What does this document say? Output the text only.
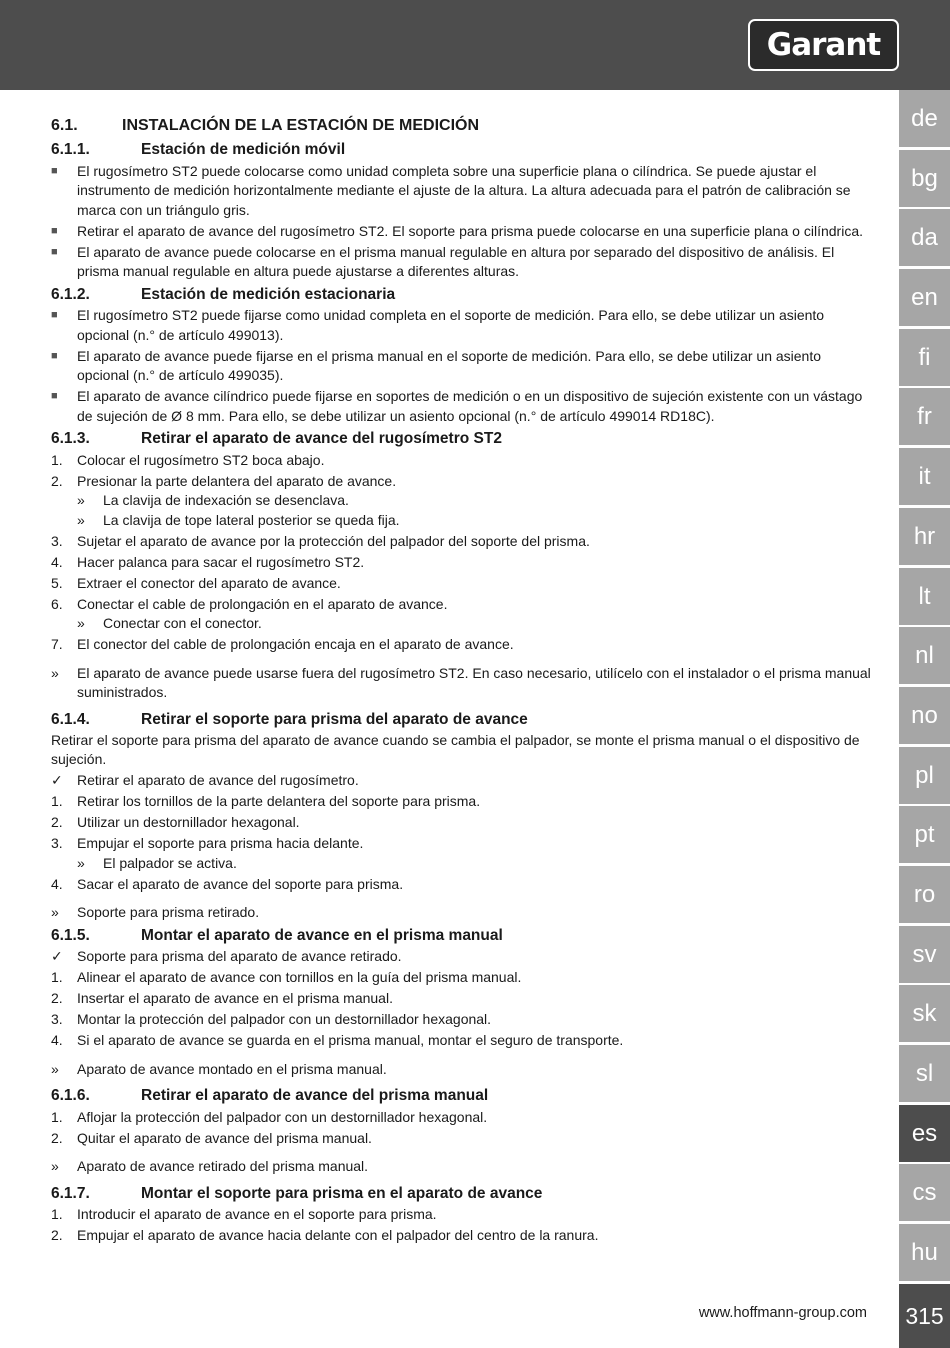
Garant
de
bg
da
en
fi
fr
it
hr
lt
nl
no
pl
pt
ro
sv
sk
sl
es
cs
hu
6.1.	INSTALACIÓN DE LA ESTACIÓN DE MEDICIÓN
6.1.1.	Estación de medición móvil
■	El rugosímetro ST2 puede colocarse como unidad completa sobre una superficie plana o cilíndrica. Se puede ajustar el instrumento de medición horizontalmente mediante el ajuste de la altura. La altura adecuada para el patrón de calibración se marca con un triángulo gris.
■	Retirar el aparato de avance del rugosímetro ST2. El soporte para prisma puede colocarse en una superficie plana o cilíndrica.
■	El aparato de avance puede colocarse en el prisma manual regulable en altura por separado del dispositivo de análisis. El prisma manual regulable en altura puede ajustarse a diferentes alturas.
6.1.2.	Estación de medición estacionaria
■	El rugosímetro ST2 puede fijarse como unidad completa en el soporte de medición. Para ello, se debe utilizar un asiento opcional (n.° de artículo 499013).
■	El aparato de avance puede fijarse en el prisma manual en el soporte de medición. Para ello, se debe utilizar un asiento opcional (n.° de artículo 499035).
■	El aparato de avance cilíndrico puede fijarse en soportes de medición o en un dispositivo de sujeción existente con un vástago de sujeción de Ø 8 mm. Para ello, se debe utilizar un asiento opcional (n.° de artículo 499014 RD18C).
6.1.3.	Retirar el aparato de avance del rugosímetro ST2
1.	Colocar el rugosímetro ST2 boca abajo.
2.	Presionar la parte delantera del aparato de avance.
»	La clavija de indexación se desenclava.
»	La clavija de tope lateral posterior se queda fija.
3.	Sujetar el aparato de avance por la protección del palpador del soporte del prisma.
4.	Hacer palanca para sacar el rugosímetro ST2.
5.	Extraer el conector del aparato de avance.
6.	Conectar el cable de prolongación en el aparato de avance.
»	Conectar con el conector.
7.	El conector del cable de prolongación encaja en el aparato de avance.
»	El aparato de avance puede usarse fuera del rugosímetro ST2. En caso necesario, utilícelo con el instalador o el prisma manual suministrados.
6.1.4.	Retirar el soporte para prisma del aparato de avance
Retirar el soporte para prisma del aparato de avance cuando se cambia el palpador, se monte el prisma manual o el dispositivo de sujeción.
✓	Retirar el aparato de avance del rugosímetro.
1.	Retirar los tornillos de la parte delantera del soporte para prisma.
2.	Utilizar un destornillador hexagonal.
3.	Empujar el soporte para prisma hacia delante.
»	El palpador se activa.
4.	Sacar el aparato de avance del soporte para prisma.
»	Soporte para prisma retirado.
6.1.5.	Montar el aparato de avance en el prisma manual
✓	Soporte para prisma del aparato de avance retirado.
1.	Alinear el aparato de avance con tornillos en la guía del prisma manual.
2.	Insertar el aparato de avance en el prisma manual.
3.	Montar la protección del palpador con un destornillador hexagonal.
4.	Si el aparato de avance se guarda en el prisma manual, montar el seguro de transporte.
»	Aparato de avance montado en el prisma manual.
6.1.6.	Retirar el aparato de avance del prisma manual
1.	Aflojar la protección del palpador con un destornillador hexagonal.
2.	Quitar el aparato de avance del prisma manual.
»	Aparato de avance retirado del prisma manual.
6.1.7.	Montar el soporte para prisma en el aparato de avance
1.	Introducir el aparato de avance en el soporte para prisma.
2.	Empujar el aparato de avance hacia delante con el palpador del centro de la ranura.
www.hoffmann-group.com 315
